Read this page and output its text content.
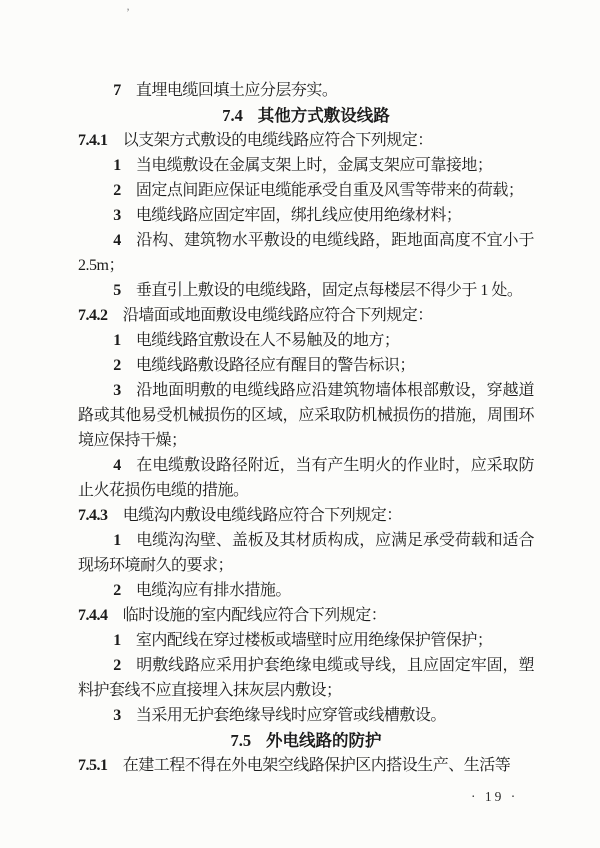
’

7 直埋电缆回填土应分层夯实。

7.4 其他方式敷设线路

7.4.1 以支架方式敷设的电缆线路应符合下列规定：

1 当电缆敷设在金属支架上时，金属支架应可靠接地；

2 固定点间距应保证电缆能承受自重及风雪等带来的荷载；

3 电缆线路应固定牢固，绑扎线应使用绝缘材料；

4 沿构、建筑物水平敷设的电缆线路，距地面高度不宜小于 2.5m；

5 垂直引上敷设的电缆线路，固定点每楼层不得少于 1 处。

7.4.2 沿墙面或地面敷设电缆线路应符合下列规定：

1 电缆线路宜敷设在人不易触及的地方；

2 电缆线路敷设路径应有醒目的警告标识；

3 沿地面明敷的电缆线路应沿建筑物墙体根部敷设，穿越道路或其他易受机械损伤的区域，应采取防机械损伤的措施，周围环境应保持干燥；

4 在电缆敷设路径附近，当有产生明火的作业时，应采取防止火花损伤电缆的措施。

7.4.3 电缆沟内敷设电缆线路应符合下列规定：

1 电缆沟沟壁、盖板及其材质构成，应满足承受荷载和适合现场环境耐久的要求；

2 电缆沟应有排水措施。

7.4.4 临时设施的室内配线应符合下列规定：

1 室内配线在穿过楼板或墙壁时应用绝缘保护管保护；

2 明敷线路应采用护套绝缘电缆或导线，且应固定牢固，塑料护套线不应直接埋入抹灰层内敷设；

3 当采用无护套绝缘导线时应穿管或线槽敷设。

7.5 外电线路的防护

7.5.1 在建工程不得在外电架空线路保护区内搭设生产、生活等

· 19 ·
